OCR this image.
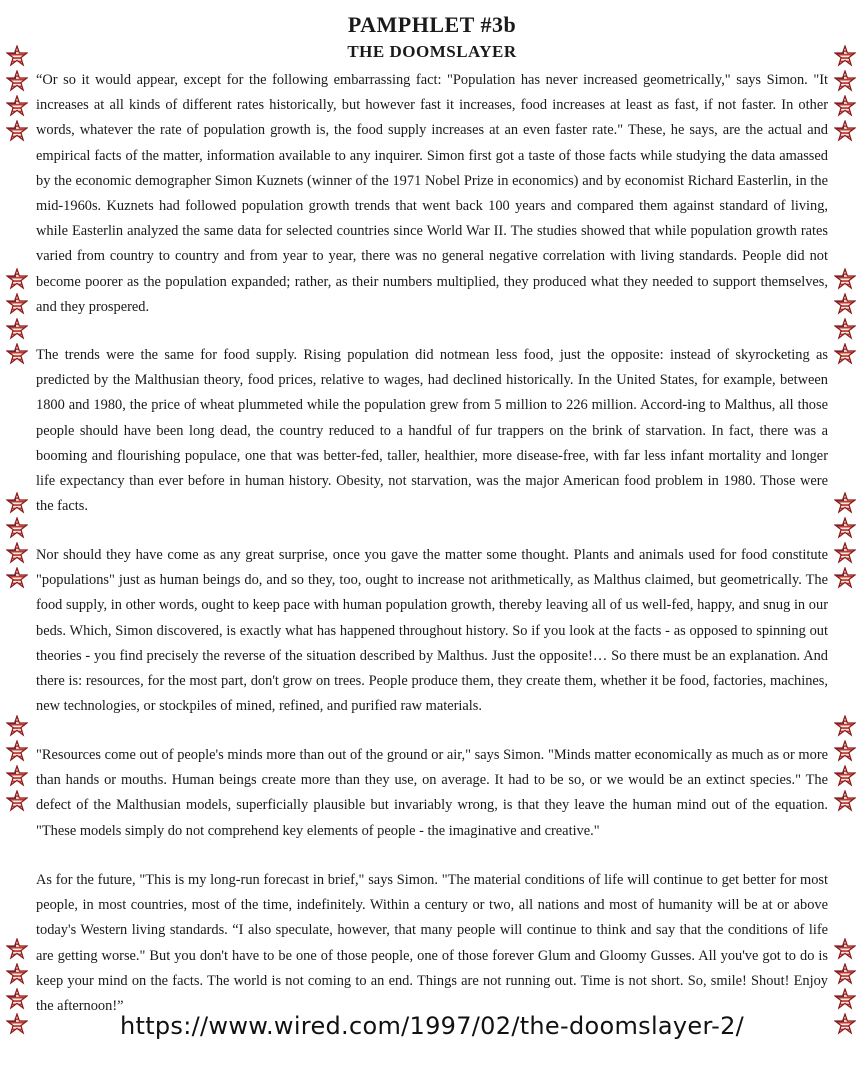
PAMPHLET #3b
THE DOOMSLAYER

“Or so it would appear, except for the following embarrassing fact: "Population has never increased geometrically," says Simon. "It increases at all kinds of different rates historically, but however fast it increases, food increases at least as fast, if not faster. In other words, whatever the rate of population growth is, the food supply increases at an even faster rate." These, he says, are the actual and empirical facts of the matter, information available to any inquirer. Simon first got a taste of those facts while studying the data amassed by the economic demographer Simon Kuznets (winner of the 1971 Nobel Prize in economics) and by economist Richard Easterlin, in the mid-1960s. Kuznets had followed population growth trends that went back 100 years and compared them against standard of living, while Easterlin analyzed the same data for selected countries since World War II. The studies showed that while population growth rates varied from country to country and from year to year, there was no general negative correlation with living standards. People did not become poorer as the population expanded; rather, as their numbers multiplied, they produced what they needed to support themselves, and they prospered.

The trends were the same for food supply. Rising population did notmean less food, just the opposite: instead of skyrocketing as predicted by the Malthusian theory, food prices, relative to wages, had declined historically. In the United States, for example, between 1800 and 1980, the price of wheat plummeted while the population grew from 5 million to 226 million. Accord-ing to Malthus, all those people should have been long dead, the country reduced to a handful of fur trappers on the brink of starvation. In fact, there was a booming and flourishing populace, one that was better-fed, taller, healthier, more disease-free, with far less infant mortality and longer life expectancy than ever before in human history. Obesity, not starvation, was the major American food problem in 1980. Those were the facts.

Nor should they have come as any great surprise, once you gave the matter some thought. Plants and animals used for food constitute "populations" just as human beings do, and so they, too, ought to increase not arithmetically, as Malthus claimed, but geometrically. The food supply, in other words, ought to keep pace with human population growth, thereby leaving all of us well-fed, happy, and snug in our beds. Which, Simon discovered, is exactly what has happened throughout history. So if you look at the facts - as opposed to spinning out theories - you find precisely the reverse of the situation described by Malthus. Just the opposite!… So there must be an explanation. And there is: resources, for the most part, don't grow on trees. People produce them, they create them, whether it be food, factories, machines, new technologies, or stockpiles of mined, refined, and purified raw materials.

"Resources come out of people's minds more than out of the ground or air," says Simon. "Minds matter economically as much as or more than hands or mouths. Human beings create more than they use, on average. It had to be so, or we would be an extinct species." The defect of the Malthusian models, superficially plausible but invariably wrong, is that they leave the human mind out of the equation. "These models simply do not comprehend key elements of people - the imaginative and creative."

As for the future, "This is my long-run forecast in brief," says Simon. "The material conditions of life will continue to get better for most people, in most countries, most of the time, indefinitely. Within a century or two, all nations and most of humanity will be at or above today's Western living standards. “I also speculate, however, that many people will continue to think and say that the conditions of life are getting worse." But you don't have to be one of those people, one of those forever Glum and Gloomy Gusses. All you've got to do is keep your mind on the facts. The world is not coming to an end. Things are not running out. Time is not short. So, smile! Shout! Enjoy the afternoon!”

https://www.wired.com/1997/02/the-doomslayer-2/
